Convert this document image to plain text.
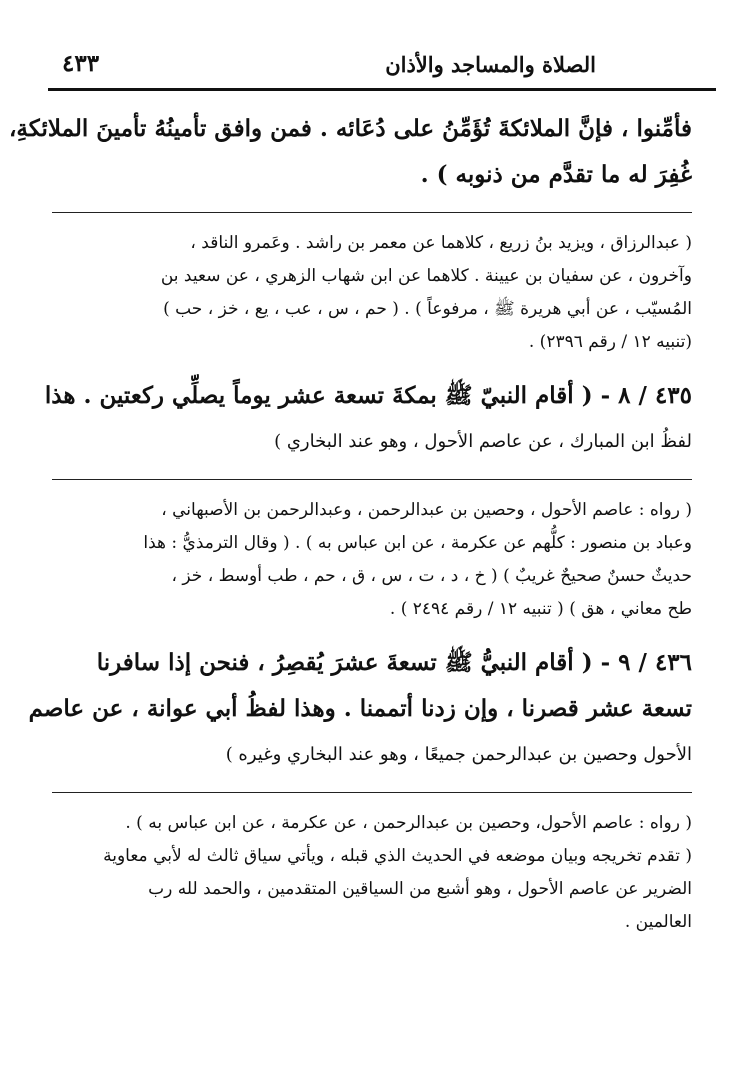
٤٣٣	الصلاة والمساجد والأذان

فأمِّنوا ، فإنَّ الملائكةَ تُؤَمِّنُ على دُعَائه . فمن وافق تأمينُهُ تأمينَ الملائكةِ،
غُفِرَ له ما تقدَّم من ذنوبه ) .

( عبدالرزاق ، ويزيد بنُ زريع ، كلاهما عن معمر بن راشد . وعَمرو الناقد ،
وآخرون ، عن سفيان بن عيينة . كلاهما عن ابن شهاب الزهري ، عن سعيد بن
المُسيّب ، عن أبي هريرة ﷺ ، مرفوعاً ) . ( حم ، س ، عب ، يع ، خز ، حب )
(تنبيه ١٢ / رقم ٢٣٩٦) .

٤٣٥ / ٨ - ( أقام النبيّ ﷺ بمكةَ تسعة عشر يوماً يصلِّي ركعتين . هذا
لفظُ ابن المبارك ، عن عاصم الأحول ، وهو عند البخاري )

( رواه : عاصم الأحول ، وحصين بن عبدالرحمن ، وعبدالرحمن بن الأصبهاني ،
وعباد بن منصور : كلُّهم عن عكرمة ، عن ابن عباس به ) . ( وقال الترمذيُّ : هذا
حديثٌ حسنٌ صحيحٌ غريبٌ ) ( خ ، د ، ت ، س ، ق ، حم ، طب أوسط ، خز ،
طح معاني ، هق ) ( تنبيه ١٢ / رقم ٢٤٩٤ ) .

٤٣٦ / ٩ - ( أقام النبيُّ ﷺ تسعةَ عشرَ يُقصِرُ ، فنحن إذا سافرنا
تسعة عشر قصرنا ، وإن زدنا أتممنا . وهذا لفظُ أبي عوانة ، عن عاصم
الأحول وحصين بن عبدالرحمن جميعًا ، وهو عند البخاري وغيره )

( رواه : عاصم الأحول، وحصين بن عبدالرحمن ، عن عكرمة ، عن ابن عباس به ) .
( تقدم تخريجه وبيان موضعه في الحديث الذي قبله ، ويأتي سياق ثالث له لأبي معاوية
الضرير عن عاصم الأحول ، وهو أشبع من السياقين المتقدمين ، والحمد لله رب
العالمين .
